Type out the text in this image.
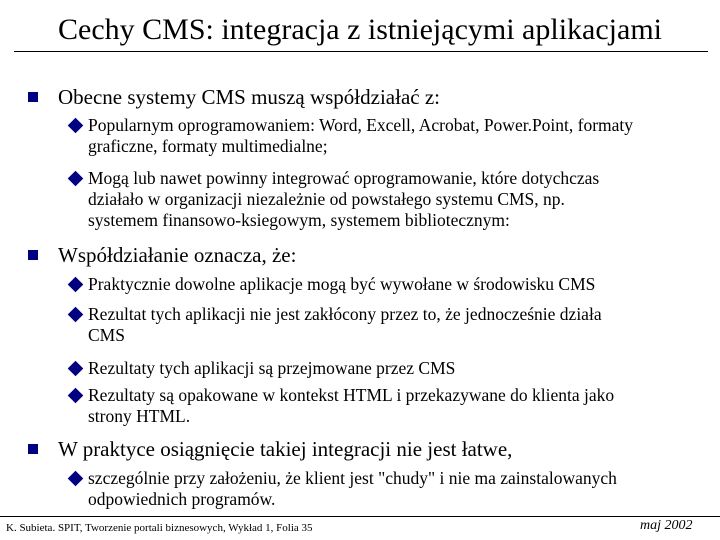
Cechy CMS: integracja z istniejącymi aplikacjami
Obecne systemy CMS muszą współdziałać z:
Popularnym oprogramowaniem: Word, Excell, Acrobat, Power.Point, formaty
graficzne, formaty multimedialne;
Mogą lub nawet powinny integrować oprogramowanie, które dotychczas
działało w organizacji niezależnie od powstałego systemu CMS, np.
systemem finansowo-ksiegowym, systemem bibliotecznym:
Współdziałanie oznacza, że:
Praktycznie dowolne aplikacje mogą być wywołane w środowisku CMS
Rezultat tych aplikacji nie jest zakłócony przez to, że jednocześnie działa
CMS
Rezultaty tych aplikacji są przejmowane przez CMS
Rezultaty są opakowane w kontekst HTML i przekazywane do klienta jako
strony HTML.
W praktyce osiągnięcie takiej integracji nie jest łatwe,
szczególnie przy założeniu, że klient jest "chudy" i nie ma zainstalowanych
odpowiednich programów.
K. Subieta. SPIT, Tworzenie portali biznesowych, Wykład 1, Folia 35	maj 2002
